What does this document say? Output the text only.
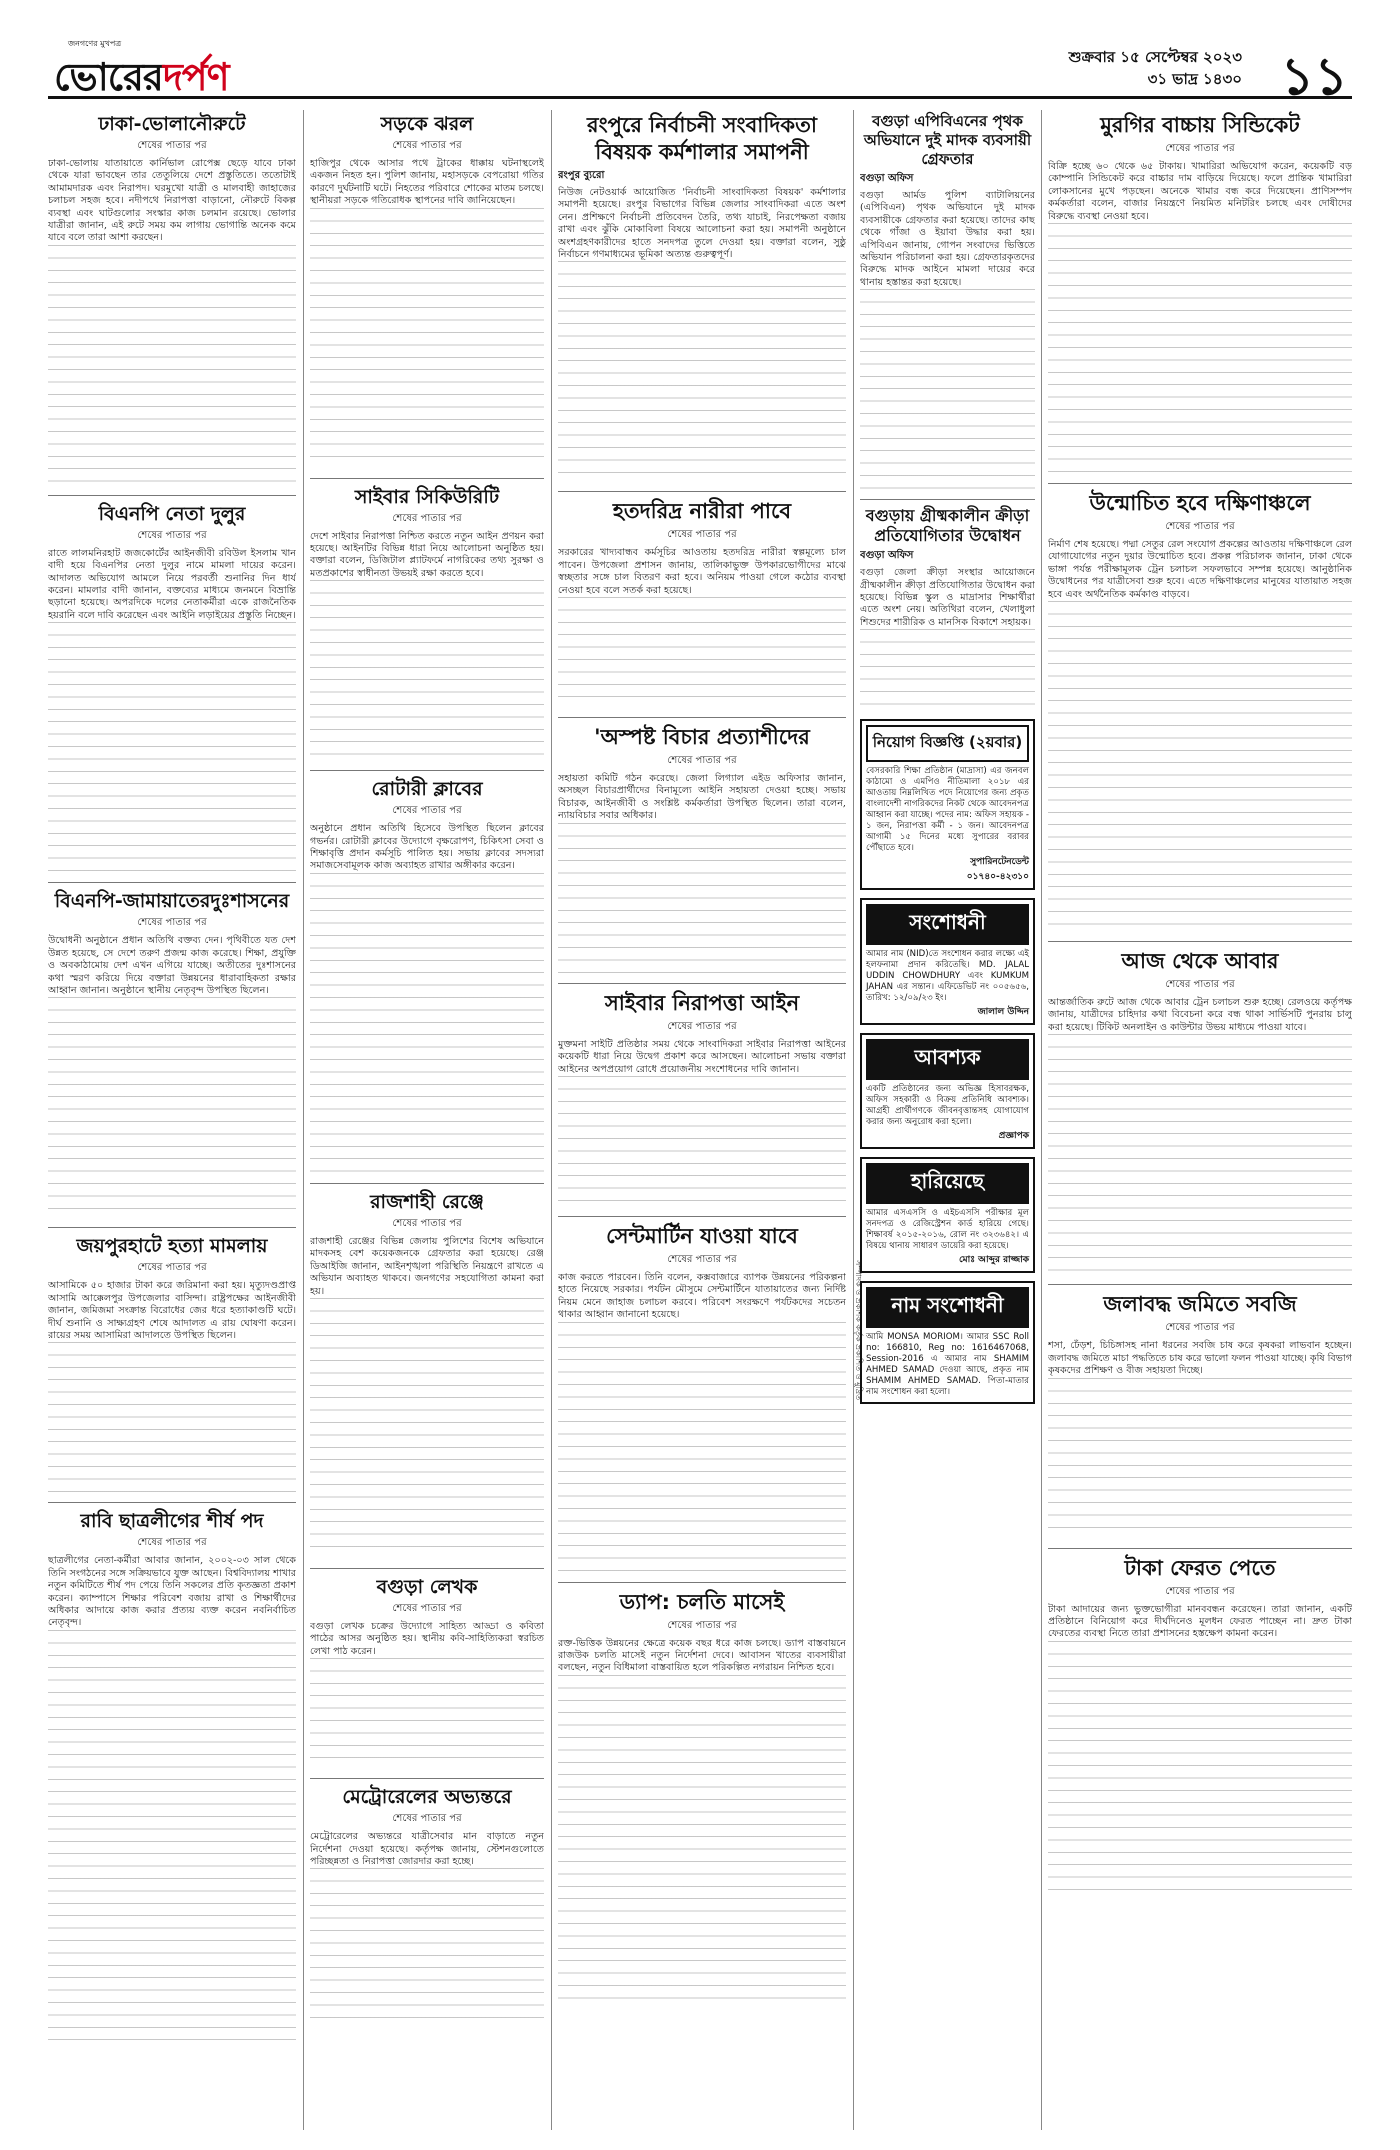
জনগণের মুখপত্র
ভোরেরদর্পণ	শুক্রবার ১৫ সেপ্টেম্বর ২০২৩
৩১ ভাদ্র ১৪৩০ ১১
ঢাকা-ভোলানৌরুটে
শেষের পাতার পর
ঢাকা-ভোলায় যাতায়াতে কার্নিভাল রোপেক্স ছেড়ে যাবে ঢাকা থেকে যারা ভাবছেন তার তেতুলিয়ে দেশে প্রস্তুতিতে। ততোটাই আমামদারক এবং নিরাপদ। ঘরমুখো যাত্রী ও মালবাহী জাহাজের চলাচল সহজ হবে। নদীপথে নিরাপত্তা বাড়ানো, নৌরুটে বিকল্প ব্যবস্থা এবং ঘাটগুলোর সংস্কার কাজ চলমান রয়েছে। ভোলার যাত্রীরা জানান, এই রুটে সময় কম লাগায় ভোগান্তি অনেক কমে যাবে বলে তারা আশা করছেন।
বিএনপি নেতা দুলুর
শেষের পাতার পর
রাতে লালমনিরহাট জজকোর্টের আইনজীবী রবিউল ইসলাম খান বাদী হয়ে বিএনপির নেতা দুলুর নামে মামলা দায়ের করেন। আদালত অভিযোগ আমলে নিয়ে পরবর্তী শুনানির দিন ধার্য করেন। মামলার বাদী জানান, বক্তব্যের মাধ্যমে জনমনে বিভ্রান্তি ছড়ানো হয়েছে। অপরদিকে দলের নেতাকর্মীরা একে রাজনৈতিক হয়রানি বলে দাবি করেছেন এবং আইনি লড়াইয়ের প্রস্তুতি নিচ্ছেন।
বিএনপি-জামায়াতেরদুঃশাসনের
শেষের পাতার পর
উদ্বোধনী অনুষ্ঠানে প্রধান অতিথি বক্তব্য দেন। পৃথিবীতে যত দেশ উন্নত হয়েছে, সে দেশে তরুণ প্রজন্ম কাজ করেছে। শিক্ষা, প্রযুক্তি ও অবকাঠামোয় দেশ এখন এগিয়ে যাচ্ছে। অতীতের দুঃশাসনের কথা স্মরণ করিয়ে দিয়ে বক্তারা উন্নয়নের ধারাবাহিকতা রক্ষার আহ্বান জানান। অনুষ্ঠানে স্থানীয় নেতৃবৃন্দ উপস্থিত ছিলেন।
জয়পুরহাটে হত্যা মামলায়
শেষের পাতার পর
আসামিকে ৫০ হাজার টাকা করে জরিমানা করা হয়। মৃত্যুদণ্ডপ্রাপ্ত আসামি আক্কেলপুর উপজেলার বাসিন্দা। রাষ্ট্রপক্ষের আইনজীবী জানান, জমিজমা সংক্রান্ত বিরোধের জের ধরে হত্যাকাণ্ডটি ঘটে। দীর্ঘ শুনানি ও সাক্ষ্যগ্রহণ শেষে আদালত এ রায় ঘোষণা করেন। রায়ের সময় আসামিরা আদালতে উপস্থিত ছিলেন।
রাবি ছাত্রলীগের শীর্ষ পদ
শেষের পাতার পর
ছাত্রলীগের নেতা-কর্মীরা আবার জানান, ২০০২-০৩ সাল থেকে তিনি সংগঠনের সঙ্গে সক্রিয়ভাবে যুক্ত আছেন। বিশ্ববিদ্যালয় শাখার নতুন কমিটিতে শীর্ষ পদ পেয়ে তিনি সকলের প্রতি কৃতজ্ঞতা প্রকাশ করেন। ক্যাম্পাসে শিক্ষার পরিবেশ বজায় রাখা ও শিক্ষার্থীদের অধিকার আদায়ে কাজ করার প্রত্যয় ব্যক্ত করেন নবনির্বাচিত নেতৃবৃন্দ।
সড়কে ঝরল
শেষের পাতার পর
হাজিপুর থেকে আসার পথে ট্রাকের ধাক্কায় ঘটনাস্থলেই একজন নিহত হন। পুলিশ জানায়, মহাসড়কে বেপরোয়া গতির কারণে দুর্ঘটনাটি ঘটে। নিহতের পরিবারে শোকের মাতম চলছে। স্থানীয়রা সড়কে গতিরোধক স্থাপনের দাবি জানিয়েছেন।
সাইবার সিকিউরিটি
শেষের পাতার পর
দেশে সাইবার নিরাপত্তা নিশ্চিত করতে নতুন আইন প্রণয়ন করা হয়েছে। আইনটির বিভিন্ন ধারা নিয়ে আলোচনা অনুষ্ঠিত হয়। বক্তারা বলেন, ডিজিটাল প্ল্যাটফর্মে নাগরিকের তথ্য সুরক্ষা ও মতপ্রকাশের স্বাধীনতা উভয়ই রক্ষা করতে হবে।
রোটারী ক্লাবের
শেষের পাতার পর
অনুষ্ঠানে প্রধান অতিথি হিসেবে উপস্থিত ছিলেন ক্লাবের গভর্নর। রোটারী ক্লাবের উদ্যোগে বৃক্ষরোপণ, চিকিৎসা সেবা ও শিক্ষাবৃত্তি প্রদান কর্মসূচি পালিত হয়। সভায় ক্লাবের সদস্যরা সমাজসেবামূলক কাজ অব্যাহত রাখার অঙ্গীকার করেন।
রাজশাহী রেঞ্জে
শেষের পাতার পর
রাজশাহী রেঞ্জের বিভিন্ন জেলায় পুলিশের বিশেষ অভিযানে মাদকসহ বেশ কয়েকজনকে গ্রেফতার করা হয়েছে। রেঞ্জ ডিআইজি জানান, আইনশৃঙ্খলা পরিস্থিতি নিয়ন্ত্রণে রাখতে এ অভিযান অব্যাহত থাকবে। জনগণের সহযোগিতা কামনা করা হয়।
বগুড়া লেখক
শেষের পাতার পর
বগুড়া লেখক চক্রের উদ্যোগে সাহিত্য আড্ডা ও কবিতা পাঠের আসর অনুষ্ঠিত হয়। স্থানীয় কবি-সাহিত্যিকরা স্বরচিত লেখা পাঠ করেন।
মেট্রোরেলের অভ্যন্তরে
শেষের পাতার পর
মেট্রোরেলের অভ্যন্তরে যাত্রীসেবার মান বাড়াতে নতুন নির্দেশনা দেওয়া হয়েছে। কর্তৃপক্ষ জানায়, স্টেশনগুলোতে পরিচ্ছন্নতা ও নিরাপত্তা জোরদার করা হচ্ছে।
রংপুরে নির্বাচনী সংবাদিকতা বিষয়ক কর্মশালার সমাপনী
রংপুর ব্যুরো
নিউজ নেটওয়ার্ক আয়োজিত 'নির্বাচনী সাংবাদিকতা বিষয়ক' কর্মশালার সমাপনী হয়েছে। রংপুর বিভাগের বিভিন্ন জেলার সাংবাদিকরা এতে অংশ নেন। প্রশিক্ষণে নির্বাচনী প্রতিবেদন তৈরি, তথ্য যাচাই, নিরপেক্ষতা বজায় রাখা এবং ঝুঁকি মোকাবিলা বিষয়ে আলোচনা করা হয়। সমাপনী অনুষ্ঠানে অংশগ্রহণকারীদের হাতে সনদপত্র তুলে দেওয়া হয়। বক্তারা বলেন, সুষ্ঠু নির্বাচনে গণমাধ্যমের ভূমিকা অত্যন্ত গুরুত্বপূর্ণ।
হতদরিদ্র নারীরা পাবে
শেষের পাতার পর
সরকারের খাদ্যবান্ধব কর্মসূচির আওতায় হতদরিদ্র নারীরা স্বল্পমূল্যে চাল পাবেন। উপজেলা প্রশাসন জানায়, তালিকাভুক্ত উপকারভোগীদের মাঝে স্বচ্ছতার সঙ্গে চাল বিতরণ করা হবে। অনিয়ম পাওয়া গেলে কঠোর ব্যবস্থা নেওয়া হবে বলে সতর্ক করা হয়েছে।
'অস্পষ্ট বিচার প্রত্যাশীদের
শেষের পাতার পর
সহায়তা কমিটি গঠন করেছে। জেলা লিগ্যাল এইড অফিসার জানান, অসচ্ছল বিচারপ্রার্থীদের বিনামূল্যে আইনি সহায়তা দেওয়া হচ্ছে। সভায় বিচারক, আইনজীবী ও সংশ্লিষ্ট কর্মকর্তারা উপস্থিত ছিলেন। তারা বলেন, ন্যায়বিচার সবার অধিকার।
সাইবার নিরাপত্তা আইন
শেষের পাতার পর
মুক্তমনা সাইটি প্রতিষ্ঠার সময় থেকে সাংবাদিকরা সাইবার নিরাপত্তা আইনের কয়েকটি ধারা নিয়ে উদ্বেগ প্রকাশ করে আসছেন। আলোচনা সভায় বক্তারা আইনের অপপ্রয়োগ রোধে প্রয়োজনীয় সংশোধনের দাবি জানান।
সেন্টমার্টিন যাওয়া যাবে
শেষের পাতার পর
কাজ করতে পারবেন। তিনি বলেন, কক্সবাজারে ব্যাপক উন্নয়নের পরিকল্পনা হাতে নিয়েছে সরকার। পর্যটন মৌসুমে সেন্টমার্টিনে যাতায়াতের জন্য নির্দিষ্ট নিয়ম মেনে জাহাজ চলাচল করবে। পরিবেশ সংরক্ষণে পর্যটকদের সচেতন থাকার আহ্বান জানানো হয়েছে।
ড্যাপ: চলতি মাসেই
শেষের পাতার পর
রক্ত-ভিত্তিক উন্নয়নের ক্ষেত্রে কয়েক বছর ধরে কাজ চলছে। ড্যাপ বাস্তবায়নে রাজউক চলতি মাসেই নতুন নির্দেশনা দেবে। আবাসন খাতের ব্যবসায়ীরা বলছেন, নতুন বিধিমালা বাস্তবায়িত হলে পরিকল্পিত নগরায়ন নিশ্চিত হবে।
সম্পাদক ও প্রকাশক কর্তৃক প্রকাশিত ও মুদ্রিত
বগুড়া এপিবিএনের পৃথক অভিযানে দুই মাদক ব্যবসায়ী গ্রেফতার
বগুড়া অফিস
বগুড়া আর্মড পুলিশ ব্যাটালিয়নের (এপিবিএন) পৃথক অভিযানে দুই মাদক ব্যবসায়ীকে গ্রেফতার করা হয়েছে। তাদের কাছ থেকে গাঁজা ও ইয়াবা উদ্ধার করা হয়। এপিবিএন জানায়, গোপন সংবাদের ভিত্তিতে অভিযান পরিচালনা করা হয়। গ্রেফতারকৃতদের বিরুদ্ধে মাদক আইনে মামলা দায়ের করে থানায় হস্তান্তর করা হয়েছে।
বগুড়ায় গ্রীষ্মকালীন ক্রীড়া প্রতিযোগিতার উদ্বোধন
বগুড়া অফিস
বগুড়া জেলা ক্রীড়া সংস্থার আয়োজনে গ্রীষ্মকালীন ক্রীড়া প্রতিযোগিতার উদ্বোধন করা হয়েছে। বিভিন্ন স্কুল ও মাদ্রাসার শিক্ষার্থীরা এতে অংশ নেয়। অতিথিরা বলেন, খেলাধুলা শিশুদের শারীরিক ও মানসিক বিকাশে সহায়ক।
নিয়োগ বিজ্ঞপ্তি (২য়বার)
বেসরকারি শিক্ষা প্রতিষ্ঠান (মাদ্রাসা) এর জনবল কাঠামো ও এমপিও নীতিমালা ২০১৮ এর আওতায় নিম্নলিখিত পদে নিয়োগের জন্য প্রকৃত বাংলাদেশী নাগরিকদের নিকট থেকে আবেদনপত্র আহ্বান করা যাচ্ছে। পদের নাম: অফিস সহায়ক - ১ জন, নিরাপত্তা কর্মী - ১ জন। আবেদনপত্র আগামী ১৫ দিনের মধ্যে সুপারের বরাবর পৌঁছাতে হবে।
সুপারিনটেনডেন্ট
০১৭৪০-৪২৩১০
সংশোধনী
আমার নাম (NID)তে সংশোধন করার লক্ষ্যে এই হলফনামা প্রদান করিতেছি। MD. JALAL UDDIN CHOWDHURY এবং KUMKUM JAHAN এর সন্তান। এফিডেভিট নং ০০৫৬৫৬, তারিখ: ১২/০৯/২৩ ইং।
জালাল উদ্দিন
আবশ্যক
একটি প্রতিষ্ঠানের জন্য অভিজ্ঞ হিসাবরক্ষক, অফিস সহকারী ও বিক্রয় প্রতিনিধি আবশ্যক। আগ্রহী প্রার্থীগণকে জীবনবৃত্তান্তসহ যোগাযোগ করার জন্য অনুরোধ করা হলো।
প্রজ্ঞাপক
হারিয়েছে
আমার এসএসসি ও এইচএসসি পরীক্ষার মূল সনদপত্র ও রেজিস্ট্রেশন কার্ড হারিয়ে গেছে। শিক্ষাবর্ষ ২০১৫-২০১৬, রোল নং ৩২৩৬৪২। এ বিষয়ে থানায় সাধারণ ডায়েরি করা হয়েছে।
মোঃ আব্দুর রাজ্জাক
নাম সংশোধনী
আমি MONSA MORIOM। আমার SSC Roll no: 166810, Reg no: 1616467068, Session-2016 এ আমার নাম SHAMIM AHMED SAMAD দেওয়া আছে, প্রকৃত নাম SHAMIM AHMED SAMAD. পিতা-মাতার নাম সংশোধন করা হলো।
মুরগির বাচ্চায় সিন্ডিকেট
শেষের পাতার পর
বিক্রি হচ্ছে ৬০ থেকে ৬৫ টাকায়। খামারিরা অভিযোগ করেন, কয়েকটি বড় কোম্পানি সিন্ডিকেট করে বাচ্চার দাম বাড়িয়ে দিয়েছে। ফলে প্রান্তিক খামারিরা লোকসানের মুখে পড়ছেন। অনেকে খামার বন্ধ করে দিয়েছেন। প্রাণিসম্পদ কর্মকর্তারা বলেন, বাজার নিয়ন্ত্রণে নিয়মিত মনিটরিং চলছে এবং দোষীদের বিরুদ্ধে ব্যবস্থা নেওয়া হবে।
উন্মোচিত হবে দক্ষিণাঞ্চলে
শেষের পাতার পর
নির্মাণ শেষ হয়েছে। পদ্মা সেতুর রেল সংযোগ প্রকল্পের আওতায় দক্ষিণাঞ্চলে রেল যোগাযোগের নতুন দুয়ার উন্মোচিত হবে। প্রকল্প পরিচালক জানান, ঢাকা থেকে ভাঙ্গা পর্যন্ত পরীক্ষামূলক ট্রেন চলাচল সফলভাবে সম্পন্ন হয়েছে। আনুষ্ঠানিক উদ্বোধনের পর যাত্রীসেবা শুরু হবে। এতে দক্ষিণাঞ্চলের মানুষের যাতায়াত সহজ হবে এবং অর্থনৈতিক কর্মকাণ্ড বাড়বে।
আজ থেকে আবার
শেষের পাতার পর
আন্তর্জাতিক রুটে আজ থেকে আবার ট্রেন চলাচল শুরু হচ্ছে। রেলওয়ে কর্তৃপক্ষ জানায়, যাত্রীদের চাহিদার কথা বিবেচনা করে বন্ধ থাকা সার্ভিসটি পুনরায় চালু করা হয়েছে। টিকিট অনলাইন ও কাউন্টার উভয় মাধ্যমে পাওয়া যাবে।
জলাবদ্ধ জমিতে সবজি
শেষের পাতার পর
শসা, ঢেঁড়শ, চিচিঙ্গাসহ নানা ধরনের সবজি চাষ করে কৃষকরা লাভবান হচ্ছেন। জলাবদ্ধ জমিতে মাচা পদ্ধতিতে চাষ করে ভালো ফলন পাওয়া যাচ্ছে। কৃষি বিভাগ কৃষকদের প্রশিক্ষণ ও বীজ সহায়তা দিচ্ছে।
টাকা ফেরত পেতে
শেষের পাতার পর
টাকা আদায়ের জন্য ভুক্তভোগীরা মানববন্ধন করেছেন। তারা জানান, একটি প্রতিষ্ঠানে বিনিয়োগ করে দীর্ঘদিনেও মূলধন ফেরত পাচ্ছেন না। দ্রুত টাকা ফেরতের ব্যবস্থা নিতে তারা প্রশাসনের হস্তক্ষেপ কামনা করেন।
